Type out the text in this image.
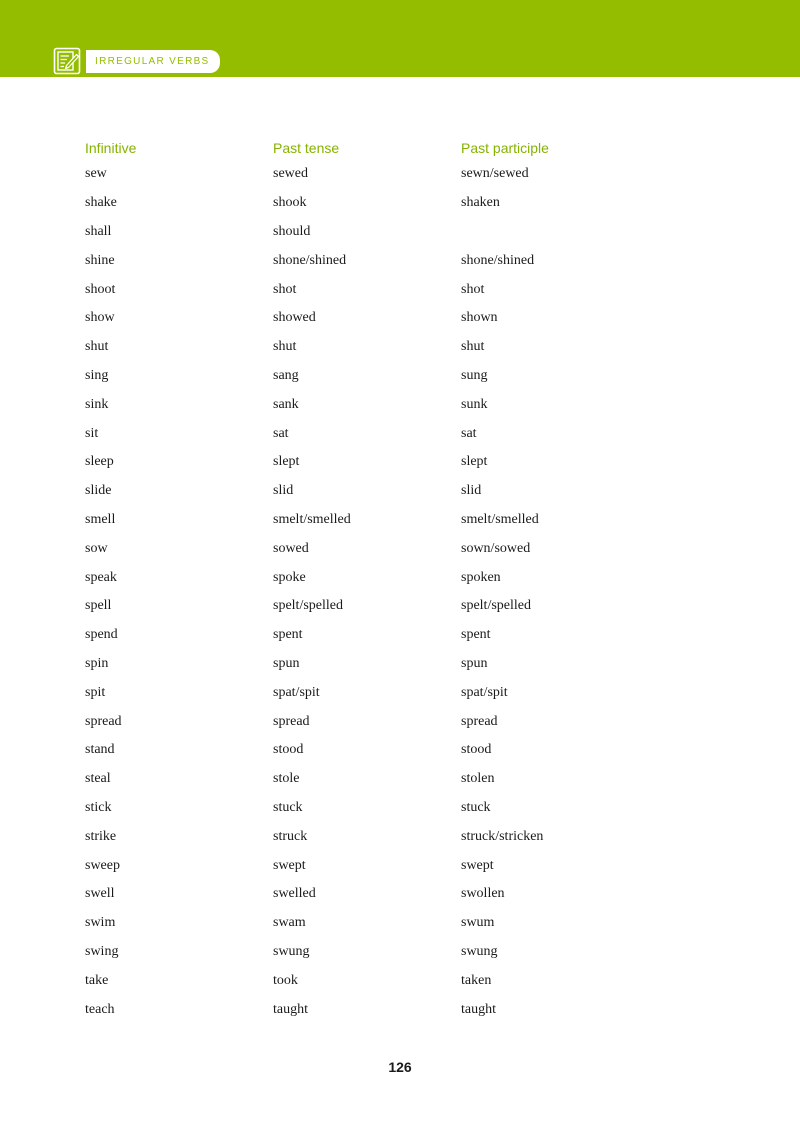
IRREGULAR VERBS
Infinitive	Past tense	Past participle
sew	sewed	sewn/sewed
shake	shook	shaken
shall	should	
shine	shone/shined	shone/shined
shoot	shot	shot
show	showed	shown
shut	shut	shut
sing	sang	sung
sink	sank	sunk
sit	sat	sat
sleep	slept	slept
slide	slid	slid
smell	smelt/smelled	smelt/smelled
sow	sowed	sown/sowed
speak	spoke	spoken
spell	spelt/spelled	spelt/spelled
spend	spent	spent
spin	spun	spun
spit	spat/spit	spat/spit
spread	spread	spread
stand	stood	stood
steal	stole	stolen
stick	stuck	stuck
strike	struck	struck/stricken
sweep	swept	swept
swell	swelled	swollen
swim	swam	swum
swing	swung	swung
take	took	taken
teach	taught	taught
126
